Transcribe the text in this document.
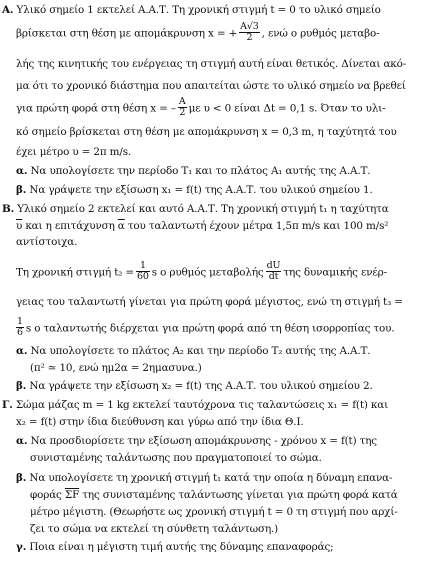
A. Υλικό σημείο 1 εκτελεί Α.Α.Τ. Τη χρονική στιγμή t = 0 το υλικό σημείο
βρίσκεται στη θέση με απομάκρυνση x = + $\frac{A√3}{2}$ , ενώ ο ρυθμός μεταβο-
λής της κινητικής του ενέργειας τη στιγμή αυτή είναι θετικός. Δίνεται ακό-
μα ότι το χρονικό διάστημα που απαιτείται ώστε το υλικό σημείο να βρεθεί
για πρώτη φορά στη θέση x = – $\frac{A}{2}$ με υ < 0 είναι Δt = 0,1 s. Όταν το υλι-
κό σημείο βρίσκεται στη θέση με απομάκρυνση x = 0,3 m, η ταχύτητά του
έχει μέτρο υ = 2π m/s.
α. Να υπολογίσετε την περίοδο T₁ και το πλάτος A₁ αυτής της Α.Α.Τ.
β. Να γράψετε την εξίσωση x₁ = f(t) της Α.Α.Τ. του υλικού σημείου 1.
B. Υλικό σημείο 2 εκτελεί και αυτό Α.Α.Τ. Τη χρονική στιγμή t₁ η ταχύτητα
$\overline{\upsilon}$ και η επιτάχυνση $\overline{\alpha}$ του ταλαντωτή έχουν μέτρα 1,5π m/s και 100 m/s²
αντίστοιχα.
Τη χρονική στιγμή $t_2 = \frac{1}{60}$ s ο ρυθμός μεταβολής $\frac{dU}{dt}$ της δυναμικής ενέρ-
γειας του ταλαντωτή γίνεται για πρώτη φορά μέγιστος, ενώ τη στιγμή t₃ =
$\frac{1}{6}$ s ο ταλαντωτής διέρχεται για πρώτη φορά από τη θέση ισορροπίας του.
α. Να υπολογίσετε το πλάτος A₂ και την περίοδο T₂ αυτής της Α.Α.Τ.
(π² ≃ 10, ενώ ημ2α = 2ημασυνα.)
β. Να γράψετε την εξίσωση x₂ = f(t) της Α.Α.Τ. του υλικού σημείου 2.
Γ. Σώμα μάζας m = 1 kg εκτελεί ταυτόχρονα τις ταλαντώσεις x₁ = f(t) και
x₂ = f(t) στην ίδια διεύθυνση και γύρω από την ίδια Θ.Ι.
α. Να προσδιορίσετε την εξίσωση απομάκρυνσης - χρόνου x = f(t) της
συνισταμένης ταλάντωσης που πραγματοποιεί το σώμα.
β. Να υπολογίσετε τη χρονική στιγμή t₁ κατά την οποία η δύναμη επανα-
φοράς $\overline{\Sigma F}$ της συνισταμένης ταλάντωσης γίνεται για πρώτη φορά κατά
μέτρο μέγιστη. (Θεωρήστε ως χρονική στιγμή t = 0 τη στιγμή που αρχί-
ζει το σώμα να εκτελεί τη σύνθετη ταλάντωση.)
γ. Ποια είναι η μέγιστη τιμή αυτής της δύναμης επαναφοράς;
